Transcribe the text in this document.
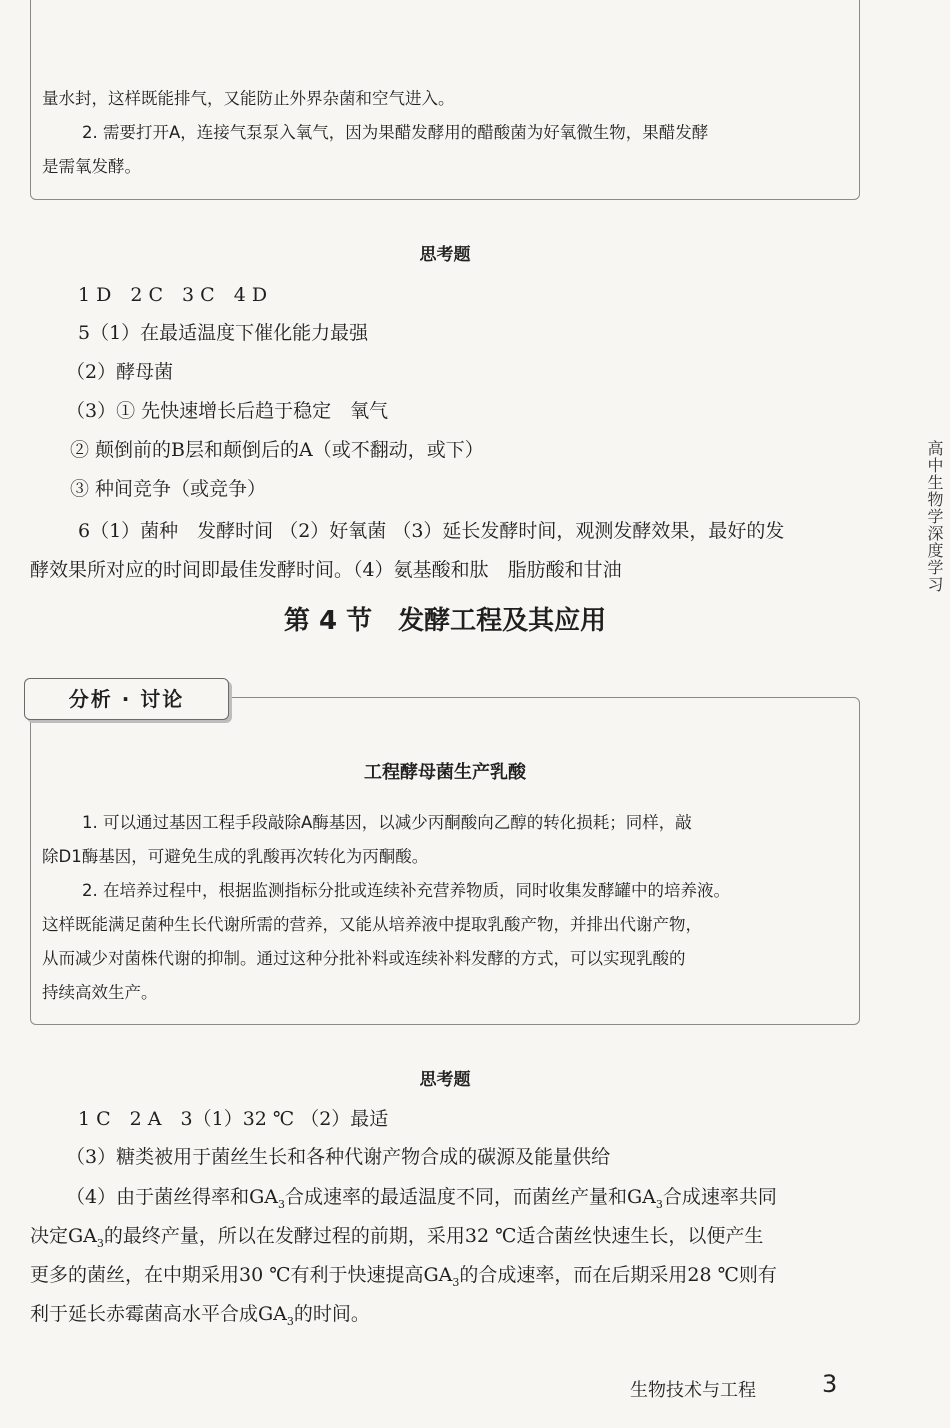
量水封，这样既能排气，又能防止外界杂菌和空气进入。
2. 需要打开A，连接气泵泵入氧气，因为果醋发酵用的醋酸菌为好氧微生物，果醋发酵
是需氧发酵。
思考题
1 D　2 C　3 C　4 D
5（1）在最适温度下催化能力最强
（2）酵母菌
（3）① 先快速增长后趋于稳定　氧气
② 颠倒前的B层和颠倒后的A（或不翻动，或下）
③ 种间竞争（或竞争）
6（1）菌种　发酵时间 （2）好氧菌 （3）延长发酵时间，观测发酵效果，最好的发
酵效果所对应的时间即最佳发酵时间。（4）氨基酸和肽　脂肪酸和甘油
第 4 节　发酵工程及其应用
分析 · 讨论
工程酵母菌生产乳酸
1. 可以通过基因工程手段敲除A酶基因，以减少丙酮酸向乙醇的转化损耗；同样，敲
除D1酶基因，可避免生成的乳酸再次转化为丙酮酸。
2. 在培养过程中，根据监测指标分批或连续补充营养物质，同时收集发酵罐中的培养液。
这样既能满足菌种生长代谢所需的营养，又能从培养液中提取乳酸产物，并排出代谢产物，
从而减少对菌株代谢的抑制。通过这种分批补料或连续补料发酵的方式，可以实现乳酸的
持续高效生产。
思考题
1 C　2 A　3（1）32 ℃ （2）最适
（3）糖类被用于菌丝生长和各种代谢产物合成的碳源及能量供给
（4）由于菌丝得率和$GA_3$合成速率的最适温度不同，而菌丝产量和$GA_3$合成速率共同
决定$GA_3$的最终产量，所以在发酵过程的前期，采用32 ℃适合菌丝快速生长，以便产生
更多的菌丝，在中期采用30 ℃有利于快速提高$GA_3$的合成速率，而在后期采用28 ℃则有
利于延长赤霉菌高水平合成$GA_3$的时间。
高中生物学深度学习
生物技术与工程	3
